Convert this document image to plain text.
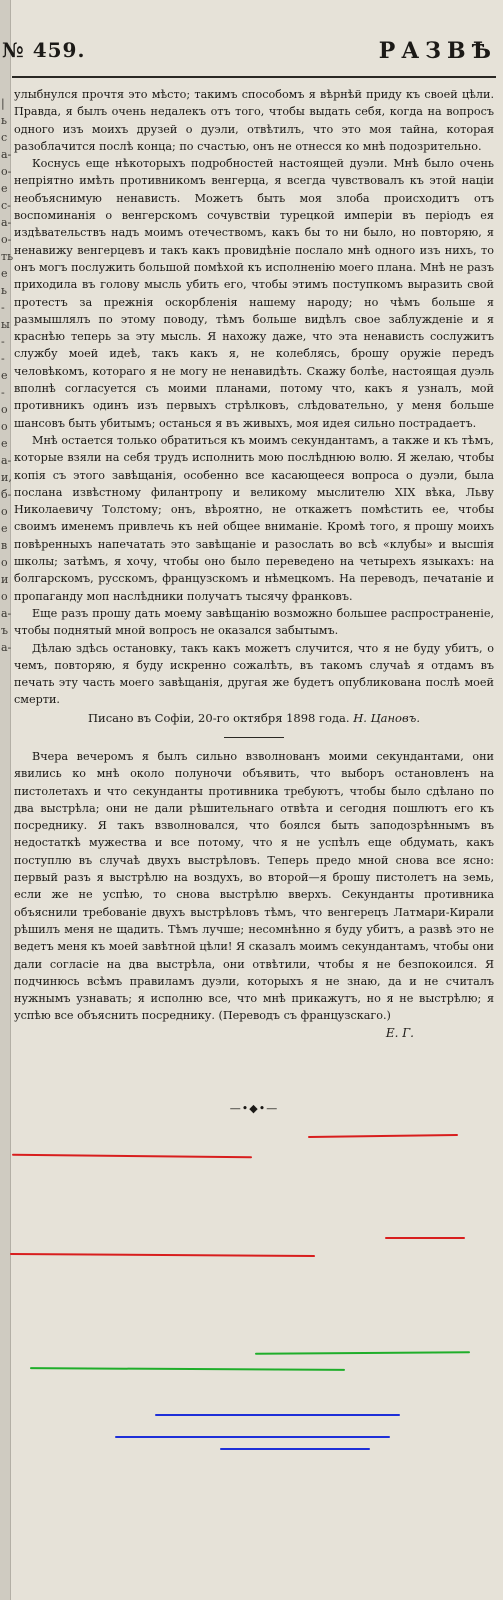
|
ь
c
а-
о-
е
с-
а-
о-
ть
е
ь
-
ы
-
-
е
-
о
о
е
а-
и,
б-
о
е
в
о
и
о
а-
ъ
а-
№ 459.	РАЗВѢ

улыбнулся прочтя это мѣсто; такимъ способомъ я вѣрнѣй приду къ своей цѣли. Правда, я былъ очень недалекъ отъ того, чтобы выдать себя, когда на вопросъ одного изъ моихъ друзей о дуэли, отвѣтилъ, что это моя тайна, которая разоблачится послѣ конца; по счастью, онъ не отнесся ко мнѣ подозрительно.

Коснусь еще нѣкоторыхъ подробностей настоящей дуэли. Мнѣ было очень непріятно имѣть противникомъ венгерца, я всегда чувствовалъ къ этой націи необъяснимую ненависть. Можетъ быть моя злоба происходитъ отъ воспоминанія о венгерскомъ сочувствіи турецкой имперіи въ періодъ ея издѣвательствъ надъ моимъ отечествомъ, какъ бы то ни было, но повторяю, я ненавижу венгерцевъ и такъ какъ провидѣніе послало мнѣ одного изъ нихъ, то онъ могъ послужить большой помѣхой къ исполненію моего плана. Мнѣ не разъ приходила въ голову мысль убить его, чтобы этимъ поступкомъ выразить свой протестъ за прежнія оскорбленія нашему народу; но чѣмъ больше я размышлялъ по этому поводу, тѣмъ больше видѣлъ свое заблужденіе и я краснѣю теперь за эту мысль. Я нахожу даже, что эта ненависть сослужитъ службу моей идеѣ, такъ какъ я, не колеблясь, брошу оружіе передъ человѣкомъ, котораго я не могу не ненавидѣть. Скажу болѣе, настоящая дуэль вполнѣ согласуется съ моими планами, потому что, какъ я узналъ, мой противникъ одинъ изъ первыхъ стрѣлковъ, слѣдовательно, у меня больше шансовъ быть убитымъ; останься я въ живыхъ, моя идея сильно пострадаетъ.

Мнѣ остается только обратиться къ моимъ секундантамъ, а также и къ тѣмъ, которые взяли на себя трудъ исполнить мою послѣднюю волю. Я желаю, чтобы копія съ этого завѣщанія, особенно все касающееся вопроса о дуэли, была послана извѣстному филантропу и великому мыслителю XIX вѣка, Льву Николаевичу Толстому; онъ, вѣроятно, не откажетъ помѣстить ее, чтобы своимъ именемъ привлечь къ ней общее вниманіе. Кромѣ того, я прошу моихъ повѣренныхъ напечатать это завѣщаніе и разослать во всѣ «клубы» и высшія школы; затѣмъ, я хочу, чтобы оно было переведено на четырехъ языкахъ: на болгарскомъ, русскомъ, французскомъ и нѣмецкомъ. На переводъ, печатаніе и пропаганду моп наслѣдники получатъ тысячу франковъ.

Еще разъ прошу дать моему завѣщанію возможно большее распространеніе, чтобы поднятый мной вопросъ не оказался забытымъ.

Дѣлаю здѣсь остановку, такъ какъ можетъ случится, что я не буду убитъ, о чемъ, повторяю, я буду искренно сожалѣть, въ такомъ случаѣ я отдамъ въ печать эту часть моего завѣщанія, другая же будетъ опубликована послѣ моей смерти.

Писано въ Софіи, 20-го октября 1898 года. Н. Цановъ.

Вчера вечеромъ я былъ сильно взволнованъ моими секундантами, они явились ко мнѣ около полуночи объявить, что выборъ остановленъ на пистолетахъ и что секунданты противника требуютъ, чтобы было сдѣлано по два выстрѣла; они не дали рѣшительнаго отвѣта и сегодня пошлютъ его къ посреднику. Я такъ взволновался, что боялся быть заподозрѣннымъ въ недостаткѣ мужества и все потому, что я не успѣлъ еще обдумать, какъ поступлю въ случаѣ двухъ выстрѣловъ. Теперь предо мной снова все ясно: первый разъ я выстрѣлю на воздухъ, во второй—я брошу пистолетъ на земь, если же не успѣю, то снова выстрѣлю вверхъ. Секунданты противника объяснили требованіе двухъ выстрѣловъ тѣмъ, что венгерецъ Латмари-Кирали рѣшилъ меня не щадить. Тѣмъ лучше; несомнѣнно я буду убитъ, а развѣ это не ведетъ меня къ моей завѣтной цѣли! Я сказалъ моимъ секундантамъ, чтобы они дали согласіе на два выстрѣла, они отвѣтили, чтобы я не безпокоился. Я подчинюсь всѣмъ правиламъ дуэли, которыхъ я не знаю, да и не считалъ нужнымъ узнавать; я исполню все, что мнѣ прикажутъ, но я не выстрѣлю; я успѣю все объяснить посреднику. (Переводъ съ французскаго.)

Е. Г.
—•◆•—
